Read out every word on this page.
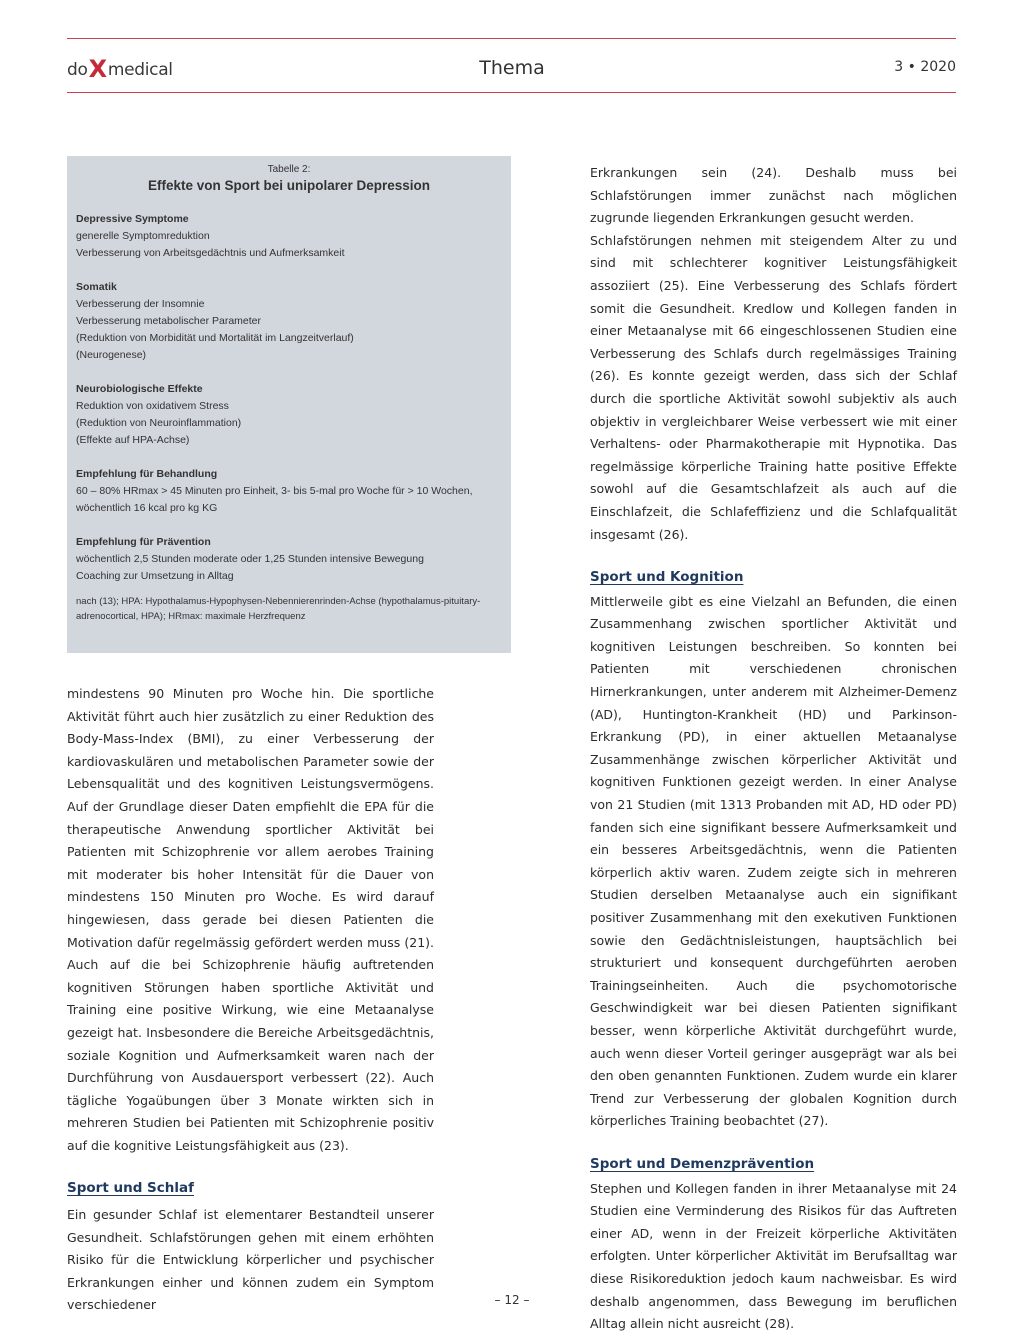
doXmedical	Thema	3 • 2020
Tabelle 2:
Effekte von Sport bei unipolarer Depression
Depressive Symptome
generelle Symptomreduktion
Verbesserung von Arbeitsgedächtnis und Aufmerksamkeit
Somatik
Verbesserung der Insomnie
Verbesserung metabolischer Parameter
(Reduktion von Morbidität und Mortalität im Langzeitverlauf)
(Neurogenese)
Neurobiologische Effekte
Reduktion von oxidativem Stress
(Reduktion von Neuroinflammation)
(Effekte auf HPA-Achse)
Empfehlung für Behandlung
60 – 80% HRmax > 45 Minuten pro Einheit, 3- bis 5-mal pro Woche für > 10 Wochen,
wöchentlich 16 kcal pro kg KG
Empfehlung für Prävention
wöchentlich 2,5 Stunden moderate oder 1,25 Stunden intensive Bewegung
Coaching zur Umsetzung in Alltag
nach (13); HPA: Hypothalamus-Hypophysen-Nebennierenrinden-Achse (hypothalamus-pituitary-adrenocortical, HPA); HRmax: maximale Herzfrequenz

mindestens 90 Minuten pro Woche hin. Die sportliche Aktivität führt auch hier zusätzlich zu einer Reduktion des Body-Mass-Index (BMI), zu einer Verbesserung der kardiovaskulären und metabolischen Parameter sowie der Lebensqualität und des kognitiven Leistungsvermögens. Auf der Grundlage dieser Daten empfiehlt die EPA für die therapeutische Anwendung sportlicher Aktivität bei Patienten mit Schizophrenie vor allem aerobes Training mit moderater bis hoher Intensität für die Dauer von mindestens 150 Minuten pro Woche. Es wird darauf hingewiesen, dass gerade bei diesen Patienten die Motivation dafür regelmässig gefördert werden muss (21). Auch auf die bei Schizophrenie häufig auftretenden kognitiven Störungen haben sportliche Aktivität und Training eine positive Wirkung, wie eine Metaanalyse gezeigt hat. Insbesondere die Bereiche Arbeitsgedächtnis, soziale Kognition und Aufmerksamkeit waren nach der Durchführung von Ausdauersport verbessert (22). Auch tägliche Yogaübungen über 3 Monate wirkten sich in mehreren Studien bei Patienten mit Schizophrenie positiv auf die kognitive Leistungsfähigkeit aus (23).

Sport und Schlaf

Ein gesunder Schlaf ist elementarer Bestandteil unserer Gesundheit. Schlafstörungen gehen mit einem erhöhten Risiko für die Entwicklung körperlicher und psychischer Erkrankungen einher und können zudem ein Symptom verschiedener

Erkrankungen sein (24). Deshalb muss bei Schlafstörungen immer zunächst nach möglichen zugrunde liegenden Erkrankungen gesucht werden.

Schlafstörungen nehmen mit steigendem Alter zu und sind mit schlechterer kognitiver Leistungsfähigkeit assoziiert (25). Eine Verbesserung des Schlafs fördert somit die Gesundheit. Kredlow und Kollegen fanden in einer Metaanalyse mit 66 eingeschlossenen Studien eine Verbesserung des Schlafs durch regelmässiges Training (26). Es konnte gezeigt werden, dass sich der Schlaf durch die sportliche Aktivität sowohl subjektiv als auch objektiv in vergleichbarer Weise verbessert wie mit einer Verhaltens- oder Pharmakotherapie mit Hypnotika. Das regelmässige körperliche Training hatte positive Effekte sowohl auf die Gesamtschlafzeit als auch auf die Einschlafzeit, die Schlafeffizienz und die Schlafqualität insgesamt (26).

Sport und Kognition

Mittlerweile gibt es eine Vielzahl an Befunden, die einen Zusammenhang zwischen sportlicher Aktivität und kognitiven Leistungen beschreiben. So konnten bei Patienten mit verschiedenen chronischen Hirnerkrankungen, unter anderem mit Alzheimer-Demenz (AD), Huntington-Krankheit (HD) und Parkinson-Erkrankung (PD), in einer aktuellen Metaanalyse Zusammenhänge zwischen körperlicher Aktivität und kognitiven Funktionen gezeigt werden. In einer Analyse von 21 Studien (mit 1313 Probanden mit AD, HD oder PD) fanden sich eine signifikant bessere Aufmerksamkeit und ein besseres Arbeitsgedächtnis, wenn die Patienten körperlich aktiv waren. Zudem zeigte sich in mehreren Studien derselben Metaanalyse auch ein signifikant positiver Zusammenhang mit den exekutiven Funktionen sowie den Gedächtnisleistungen, hauptsächlich bei strukturiert und konsequent durchgeführten aeroben Trainingseinheiten. Auch die psychomotorische Geschwindigkeit war bei diesen Patienten signifikant besser, wenn körperliche Aktivität durchgeführt wurde, auch wenn dieser Vorteil geringer ausgeprägt war als bei den oben genannten Funktionen. Zudem wurde ein klarer Trend zur Verbesserung der globalen Kognition durch körperliches Training beobachtet (27).

Sport und Demenzprävention

Stephen und Kollegen fanden in ihrer Metaanalyse mit 24 Studien eine Verminderung des Risikos für das Auftreten einer AD, wenn in der Freizeit körperliche Aktivitäten erfolgten. Unter körperlicher Aktivität im Berufsalltag war diese Risikoreduktion jedoch kaum nachweisbar. Es wird deshalb angenommen, dass Bewegung im beruflichen Alltag allein nicht ausreicht (28).

– 12 –
